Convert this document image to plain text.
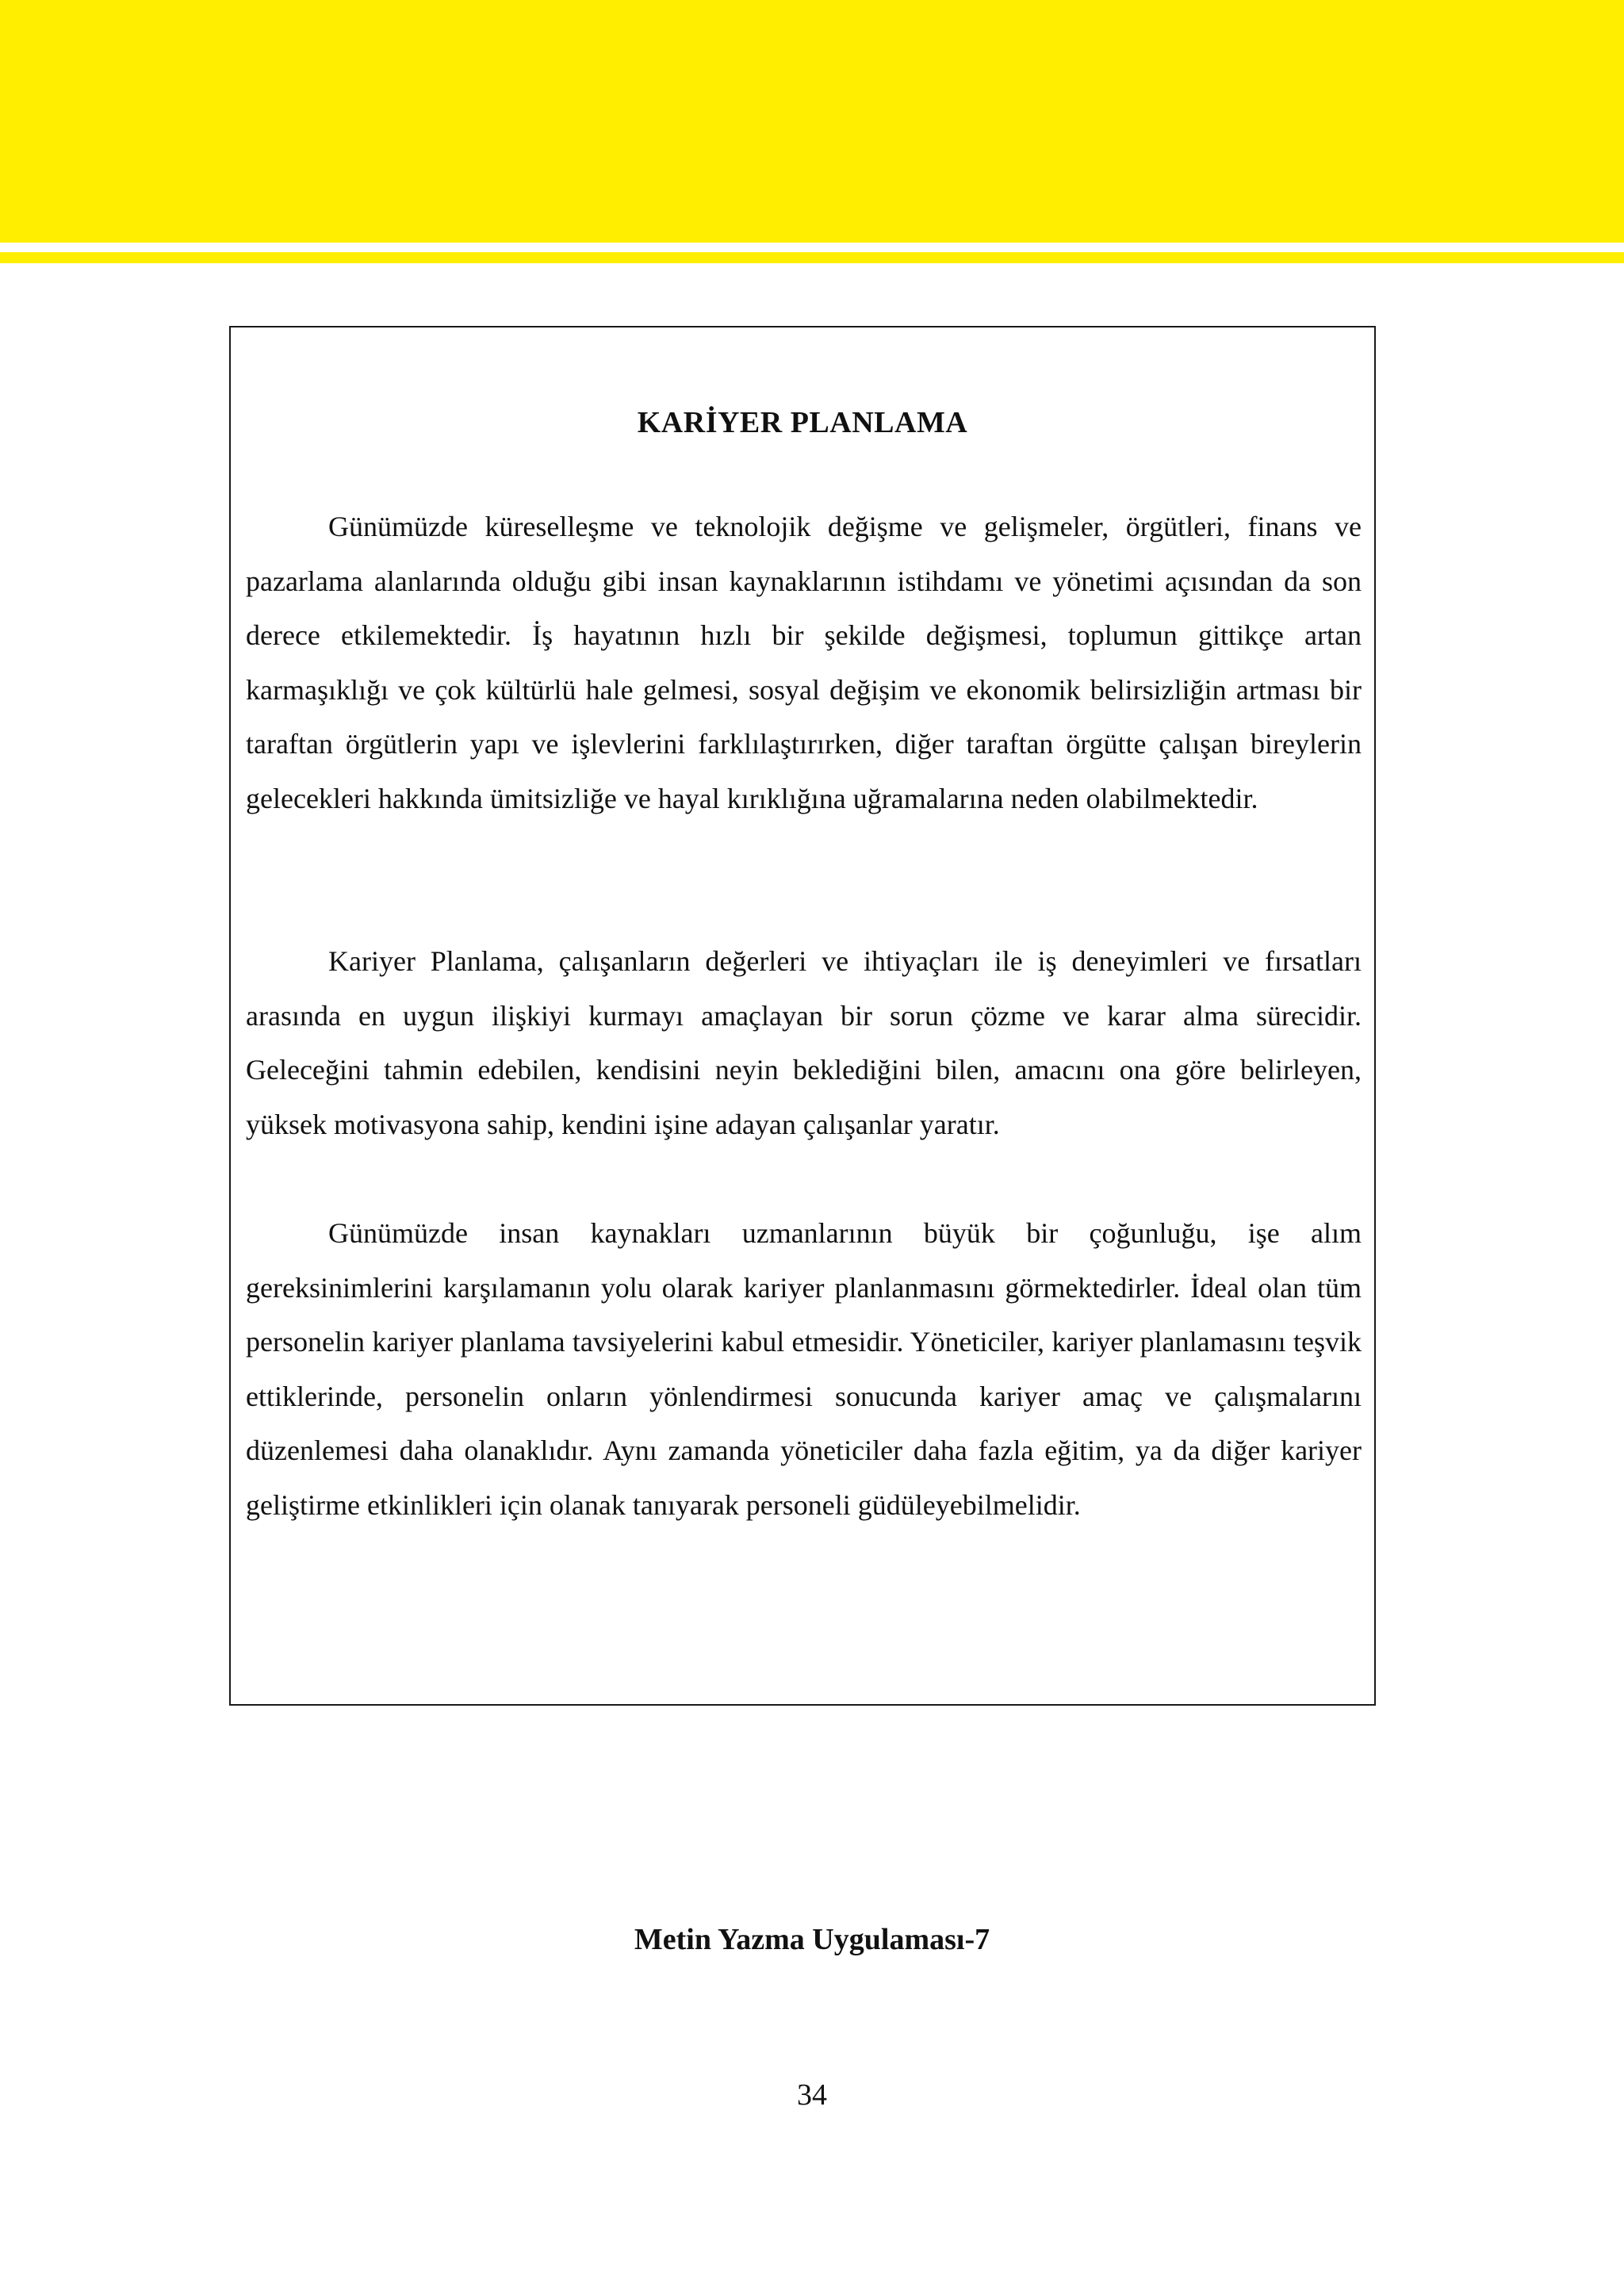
KARİYER PLANLAMA

Günümüzde küreselleşme ve teknolojik değişme ve gelişmeler, örgütleri, finans ve pazarlama alanlarında olduğu gibi insan kaynaklarının istihdamı ve yönetimi açısından da son derece etkilemektedir. İş hayatının hızlı bir şekilde değişmesi, toplumun gittikçe artan karmaşıklığı ve çok kültürlü hale gelmesi, sosyal değişim ve ekonomik belirsizliğin artması bir taraftan örgütlerin yapı ve işlevlerini farklılaştırırken, diğer taraftan örgütte çalışan bireylerin gelecekleri hakkında ümitsizliğe ve hayal kırıklığına uğramalarına neden olabilmektedir.

Kariyer Planlama, çalışanların değerleri ve ihtiyaçları ile iş deneyimleri ve fırsatları arasında en uygun ilişkiyi kurmayı amaçlayan bir sorun çözme ve karar alma sürecidir. Geleceğini tahmin edebilen, kendisini neyin beklediğini bilen, amacını ona göre belirleyen, yüksek motivasyona sahip, kendini işine adayan çalışanlar yaratır.

Günümüzde insan kaynakları uzmanlarının büyük bir çoğunluğu, işe alım gereksinimlerini karşılamanın yolu olarak kariyer planlanmasını görmektedirler. İdeal olan tüm personelin kariyer planlama tavsiyelerini kabul etmesidir. Yöneticiler, kariyer planlamasını teşvik ettiklerinde, personelin onların yönlendirmesi sonucunda kariyer amaç ve çalışmalarını düzenlemesi daha olanaklıdır. Aynı zamanda yöneticiler daha fazla eğitim, ya da diğer kariyer geliştirme etkinlikleri için olanak tanıyarak personeli güdüleyebilmelidir.

Metin Yazma Uygulaması-7
34
